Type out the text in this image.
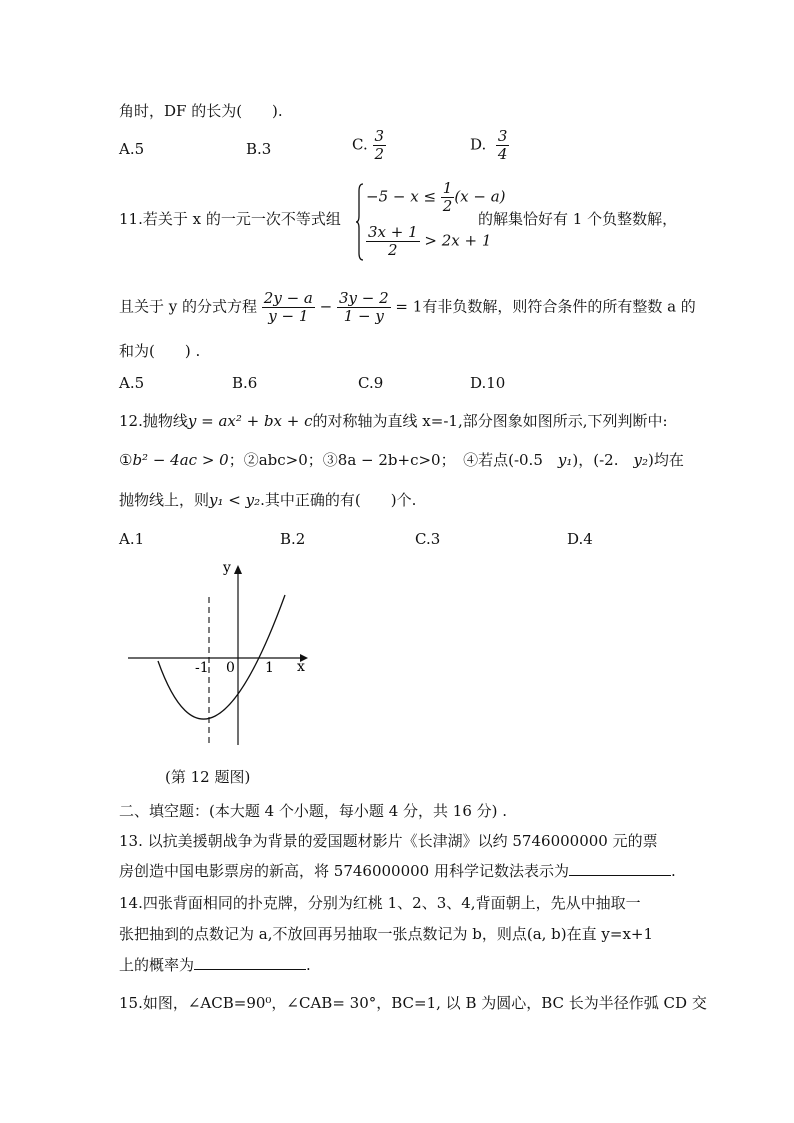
角时，DF 的长为(　　).
A.5	B.3	C. $\frac{3}{2}$	D. $\frac{3}{4}$
11.若关于 x 的一元一次不等式组
$-5 - x \le \frac{1}{2} (x - a)$
$\frac{3x + 1}{2} > 2x + 1$
的解集恰好有 1 个负整数解，
且关于 y 的分式方程 $\frac{2y - a}{y - 1} - \frac{3y - 2}{1 - y} = 1$有非负数解，则符合条件的所有整数 a 的
和为(　　) .
A.5	B.6	C.9	D.10
12.抛物线y = ax² + bx + c的对称轴为直线 x=-1,部分图象如图所示,下列判断中:
①b² − 4ac > 0；②abc>0；③8a − 2b+c>0；　④若点(-0.5　y₁)，(-2.　y₂)均在
抛物线上，则y₁ < y₂.其中正确的有(　　)个.
A.1	B.2	C.3	D.4
y
x
-1 0 1
(第 12 题图)
二、填空题：(本大题 4 个小题，每小题 4 分，共 16 分) .
13. 以抗美援朝战争为背景的爱国题材影片《长津湖》以约 5746000000 元的票
房创造中国电影票房的新高，将 5746000000 用科学记数法表示为	.
14.四张背面相同的扑克牌，分别为红桃 1、2、3、4,背面朝上，先从中抽取一
张把抽到的点数记为 a,不放回再另抽取一张点数记为 b，则点(a, b)在直 y=x+1
上的概率为	.
15.如图，∠ACB=90⁰，∠CAB= 30°，BC=1, 以 B 为圆心，BC 长为半径作弧 CD 交
